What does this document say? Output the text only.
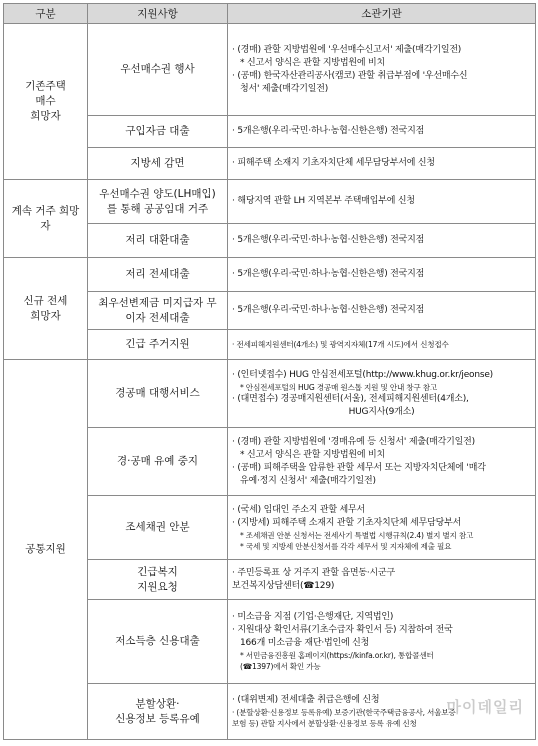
구분	지원사항	소관기관

기존주택
매수
희망자	우선매수권 행사	· (경매) 관할 지방법원에 '우선매수신고서' 제출(매각기일전)
* 신고서 양식은 관할 지방법원에 비치
· (공매) 한국자산관리공사(캠코) 관할 취급부점에 '우선매수신
청서' 제출(매각기일전)

	구입자금 대출	· 5개은행(우리·국민·하나·농협·신한은행) 전국지점

	지방세 감면	· 피해주택 소재지 기초자치단체 세무담당부서에 신청

계속 거주 희망
자	우선매수권 양도(LH매입)
를 통해 공공임대 거주	· 해당지역 관할 LH 지역본부 주택매입부에 신청

	저리 대환대출	· 5개은행(우리·국민·하나·농협·신한은행) 전국지점

신규 전세
희망자	저리 전세대출	· 5개은행(우리·국민·하나·농협·신한은행) 전국지점

	최우선변제금 미지급자 무
이자 전세대출	· 5개은행(우리·국민·하나·농협·신한은행) 전국지점

	긴급 주거지원	· 전세피해지원센터(4개소) 및 광역지자체(17개 시도)에서 신청접수

공통지원	경공매 대행서비스	· (인터넷접수) HUG 안심전세포털(http://www.khug.or.kr/jeonse)
* 안심전세포털의 HUG 경공매 원스톱 지원 및 안내 창구 참고
· (대면접수) 경공매지원센터(서울), 전세피해지원센터(4개소),
HUG지사(9개소)

	경·공매 유예 중지	· (경매) 관할 지방법원에 '경매유예 등 신청서' 제출(매각기일전)
* 신고서 양식은 관할 지방법원에 비치
· (공매) 피해주택을 압류한 관할 세무서 또는 지방자치단체에 '매각
유예·정지 신청서' 제출(매각기일전)

	조세채권 안분	· (국세) 임대인 주소지 관할 세무서
· (지방세) 피해주택 소재지 관할 기초자치단체 세무담당부서
* 조세채권 안분 신청서는 전세사기 특별법 시행규칙(2.4) 별지 별지 참고
* 국세 및 지방세 안분신청서를 각각 세무서 및 지자체에 제출 필요

	긴급복지
지원요청	· 주민등록표 상 거주지 관할 읍면동·시군구
보건복지상담센터(☎129)

	저소득층 신용대출	· 미소금융 지점 (기업·은행재단, 지역법인)
· 지원대상 확인서류(기초수급자 확인서 등) 지참하여 전국
166개 미소금융 재단·법인에 신청
* 서민금융진흥원 홈페이지(https://kinfa.or.kr), 통합콜센터
(☎1397)에서 확인 가능

	분할상환·
신용정보 등록유예	· (대위변제) 전세대출 취급은행에 신청
· (분할상환·신용정보 등록유예) 보증기관(한국주택금융공사, 서울보증
보험 등) 관할 지사에서 분할상환·신용정보 등록 유예 신청
마이데일리
